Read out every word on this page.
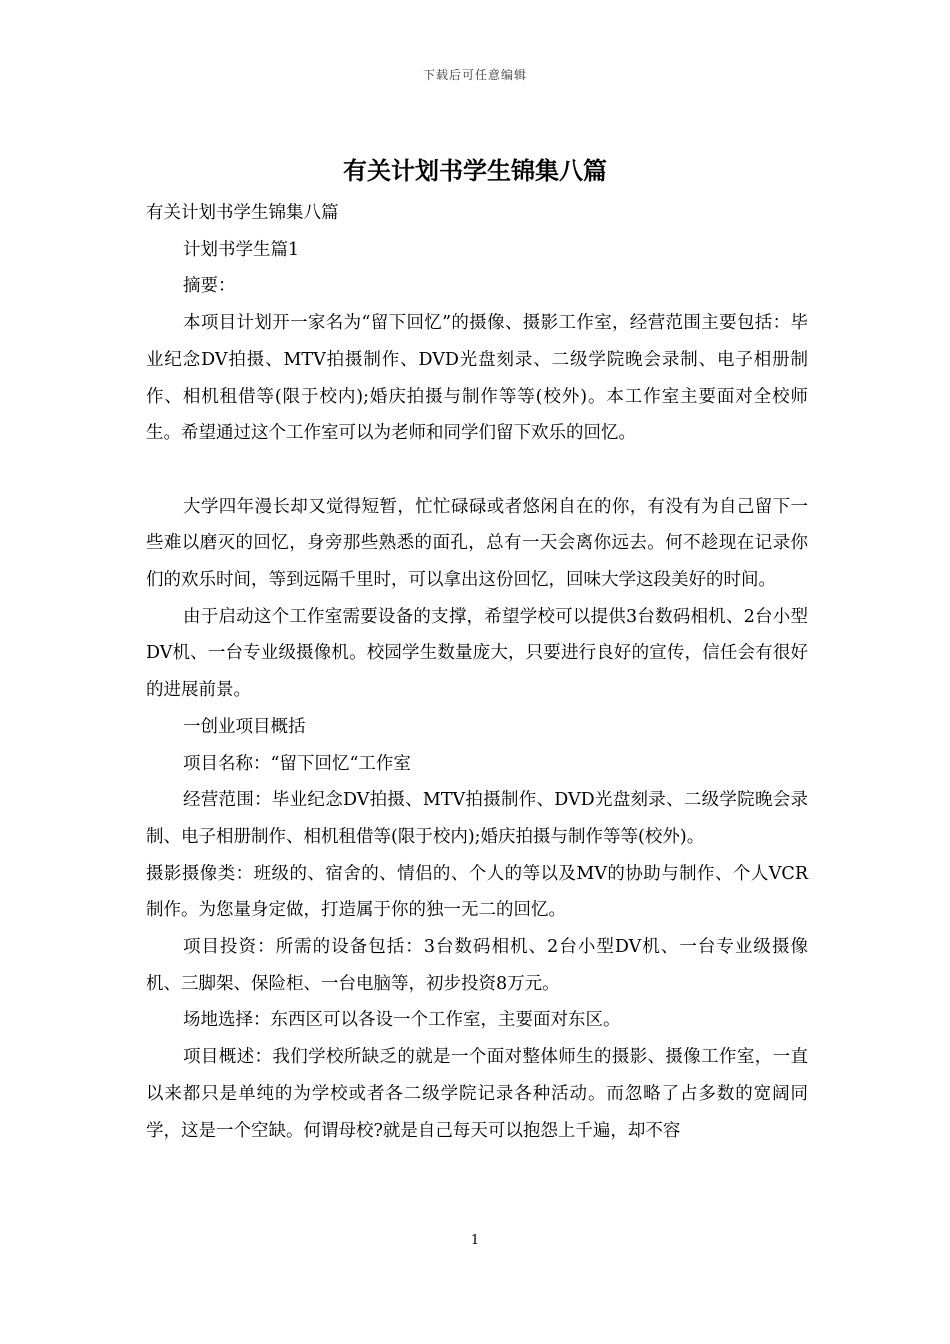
下载后可任意编辑
有关计划书学生锦集八篇

有关计划书学生锦集八篇

计划书学生篇1

摘要：

本项目计划开一家名为“留下回忆”的摄像、摄影工作室，经营范围主要包括：毕业纪念DV拍摄、MTV拍摄制作、DVD光盘刻录、二级学院晚会录制、电子相册制作、相机租借等(限于校内);婚庆拍摄与制作等等(校外)。本工作室主要面对全校师生。希望通过这个工作室可以为老师和同学们留下欢乐的回忆。

大学四年漫长却又觉得短暂，忙忙碌碌或者悠闲自在的你，有没有为自己留下一些难以磨灭的回忆，身旁那些熟悉的面孔，总有一天会离你远去。何不趁现在记录你们的欢乐时间，等到远隔千里时，可以拿出这份回忆，回味大学这段美好的时间。

由于启动这个工作室需要设备的支撑，希望学校可以提供3台数码相机、2台小型DV机、一台专业级摄像机。校园学生数量庞大，只要进行良好的宣传，信任会有很好的进展前景。

一创业项目概括

项目名称：“留下回忆“工作室

经营范围：毕业纪念DV拍摄、MTV拍摄制作、DVD光盘刻录、二级学院晚会录制、电子相册制作、相机租借等(限于校内);婚庆拍摄与制作等等(校外)。

摄影摄像类：班级的、宿舍的、情侣的、个人的等以及MV的协助与制作、个人VCR制作。为您量身定做，打造属于你的独一无二的回忆。

项目投资：所需的设备包括：3台数码相机、2台小型DV机、一台专业级摄像机、三脚架、保险柜、一台电脑等，初步投资8万元。

场地选择：东西区可以各设一个工作室，主要面对东区。

项目概述：我们学校所缺乏的就是一个面对整体师生的摄影、摄像工作室，一直以来都只是单纯的为学校或者各二级学院记录各种活动。而忽略了占多数的宽阔同学，这是一个空缺。何谓母校?就是自己每天可以抱怨上千遍，却不容

1
